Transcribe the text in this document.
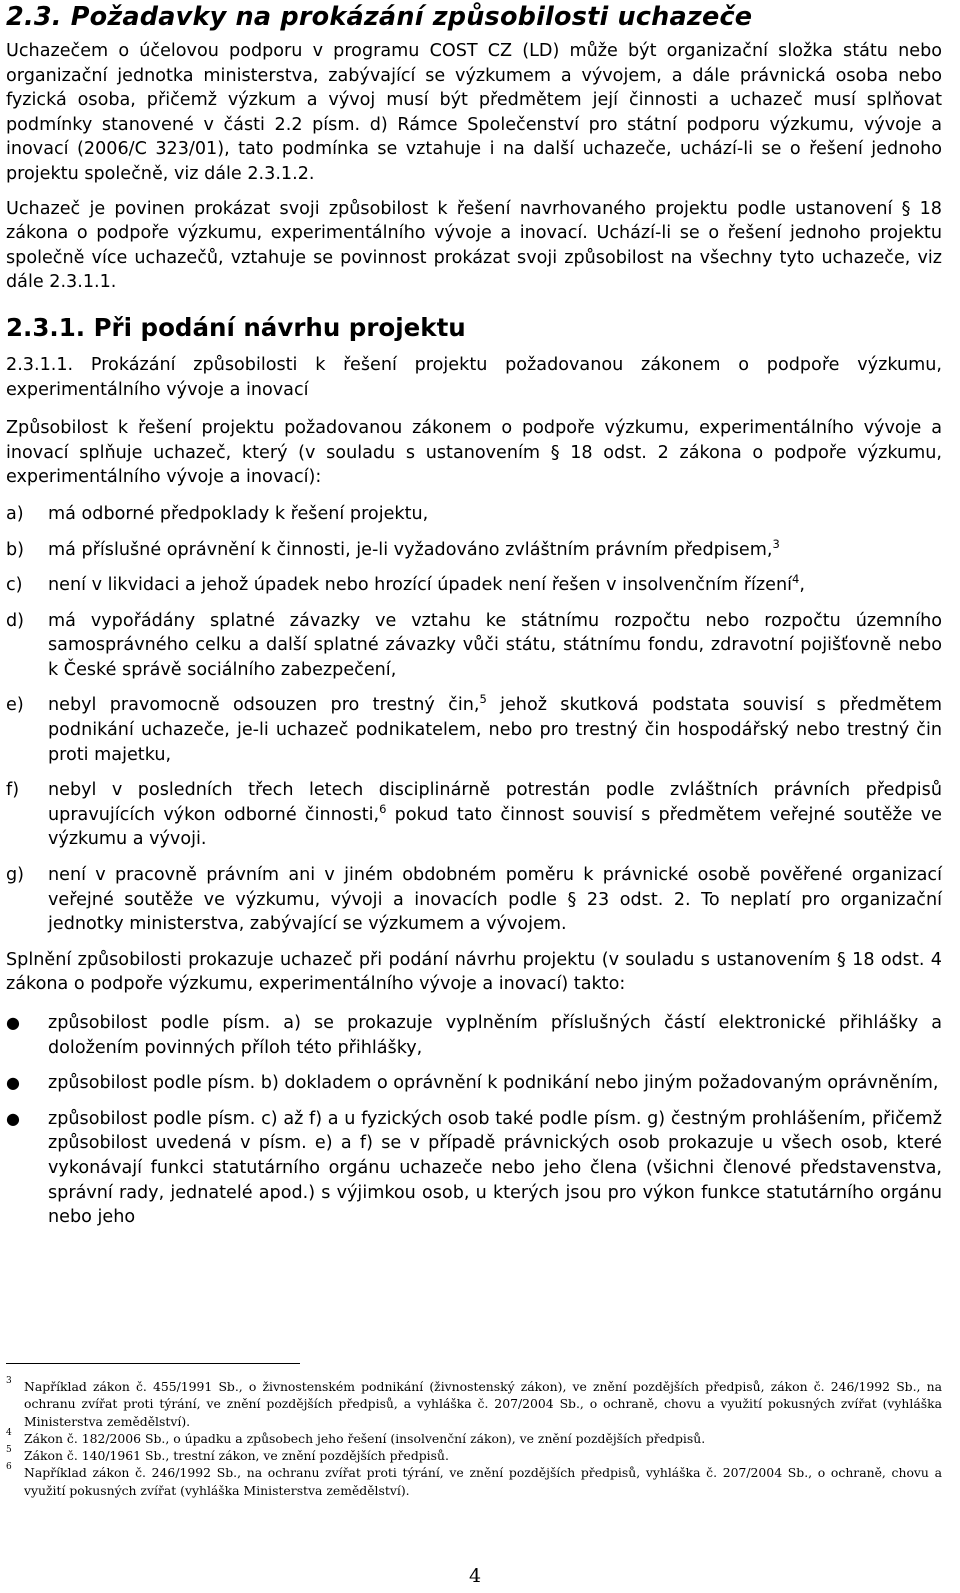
2.3. Požadavky na prokázání způsobilosti uchazeče

Uchazečem o účelovou podporu v programu COST CZ (LD) může být organizační složka státu nebo organizační jednotka ministerstva, zabývající se výzkumem a vývojem, a dále právnická osoba nebo fyzická osoba, přičemž výzkum a vývoj musí být předmětem její činnosti a uchazeč musí splňovat podmínky stanovené v části 2.2 písm. d) Rámce Společenství pro státní podporu výzkumu, vývoje a inovací (2006/C 323/01), tato podmínka se vztahuje i na další uchazeče, uchází-li se o řešení jednoho projektu společně, viz dále 2.3.1.2.

Uchazeč je povinen prokázat svoji způsobilost k řešení navrhovaného projektu podle ustanovení § 18 zákona o podpoře výzkumu, experimentálního vývoje a inovací. Uchází-li se o řešení jednoho projektu společně více uchazečů, vztahuje se povinnost prokázat svoji způsobilost na všechny tyto uchazeče, viz dále 2.3.1.1.

2.3.1. Při podání návrhu projektu

2.3.1.1. Prokázání způsobilosti k řešení projektu požadovanou zákonem o podpoře výzkumu, experimentálního vývoje a inovací

Způsobilost k řešení projektu požadovanou zákonem o podpoře výzkumu, experimentálního vývoje a inovací splňuje uchazeč, který (v souladu s ustanovením § 18 odst. 2 zákona o podpoře výzkumu, experimentálního vývoje a inovací):

a) má odborné předpoklady k řešení projektu,
b) má příslušné oprávnění k činnosti, je-li vyžadováno zvláštním právním předpisem,$^3$
c) není v likvidaci a jehož úpadek nebo hrozící úpadek není řešen v insolvenčním řízení$^4$,
d) má vypořádány splatné závazky ve vztahu ke státnímu rozpočtu nebo rozpočtu územního samosprávného celku a další splatné závazky vůči státu, státnímu fondu, zdravotní pojišťovně nebo k České správě sociálního zabezpečení,
e) nebyl pravomocně odsouzen pro trestný čin,$^5$ jehož skutková podstata souvisí s předmětem podnikání uchazeče, je-li uchazeč podnikatelem, nebo pro trestný čin hospodářský nebo trestný čin proti majetku,
f) nebyl v posledních třech letech disciplinárně potrestán podle zvláštních právních předpisů upravujících výkon odborné činnosti,$^6$ pokud tato činnost souvisí s předmětem veřejné soutěže ve výzkumu a vývoji.
g) není v pracovně právním ani v jiném obdobném poměru k právnické osobě pověřené organizací veřejné soutěže ve výzkumu, vývoji a inovacích podle § 23 odst. 2. To neplatí pro organizační jednotky ministerstva, zabývající se výzkumem a vývojem.

Splnění způsobilosti prokazuje uchazeč při podání návrhu projektu (v souladu s ustanovením § 18 odst. 4 zákona o podpoře výzkumu, experimentálního vývoje a inovací) takto:

● způsobilost podle písm. a) se prokazuje vyplněním příslušných částí elektronické přihlášky a doložením povinných příloh této přihlášky,
● způsobilost podle písm. b) dokladem o oprávnění k podnikání nebo jiným požadovaným oprávněním,
● způsobilost podle písm. c) až f) a u fyzických osob také podle písm. g) čestným prohlášením, přičemž způsobilost uvedená v písm. e) a f) se v případě právnických osob prokazuje u všech osob, které vykonávají funkci statutárního orgánu uchazeče nebo jeho člena (všichni členové představenstva, správní rady, jednatelé apod.) s výjimkou osob, u kterých jsou pro výkon funkce statutárního orgánu nebo jeho

3 Například zákon č. 455/1991 Sb., o živnostenském podnikání (živnostenský zákon), ve znění pozdějších předpisů, zákon č. 246/1992 Sb., na ochranu zvířat proti týrání, ve znění pozdějších předpisů, a vyhláška č. 207/2004 Sb., o ochraně, chovu a využití pokusných zvířat (vyhláška Ministerstva zemědělství).

4 Zákon č. 182/2006 Sb., o úpadku a způsobech jeho řešení (insolvenční zákon), ve znění pozdějších předpisů.

5 Zákon č. 140/1961 Sb., trestní zákon, ve znění pozdějších předpisů.

6 Například zákon č. 246/1992 Sb., na ochranu zvířat proti týrání, ve znění pozdějších předpisů, vyhláška č. 207/2004 Sb., o ochraně, chovu a využití pokusných zvířat (vyhláška Ministerstva zemědělství).

4
